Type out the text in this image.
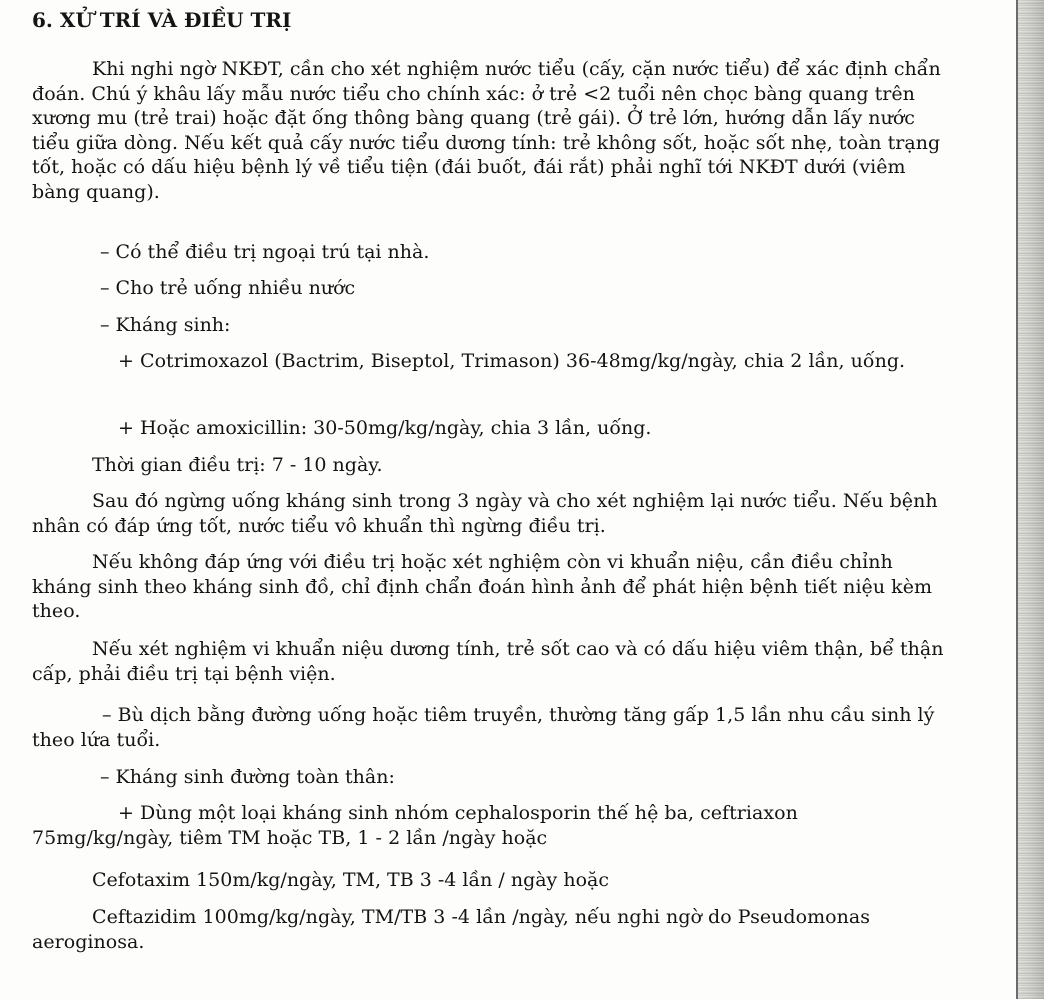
6. XỬ TRÍ VÀ ĐIỀU TRỊ
Khi nghi ngờ NKĐT, cần cho xét nghiệm nước tiểu (cấy, cặn nước tiểu) để xác định chẩn đoán. Chú ý khâu lấy mẫu nước tiểu cho chính xác: ở trẻ <2 tuổi nên chọc bàng quang trên xương mu (trẻ trai) hoặc đặt ống thông bàng quang (trẻ gái). Ở trẻ lớn, hướng dẫn lấy nước tiểu giữa dòng. Nếu kết quả cấy nước tiểu dương tính: trẻ không sốt, hoặc sốt nhẹ, toàn trạng tốt, hoặc có dấu hiệu bệnh lý về tiểu tiện (đái buốt, đái rắt) phải nghĩ tới NKĐT dưới (viêm bàng quang).
– Có thể điều trị ngoại trú tại nhà.
– Cho trẻ uống nhiều nước
– Kháng sinh:
+ Cotrimoxazol (Bactrim, Biseptol, Trimason) 36-48mg/kg/ngày, chia 2 lần, uống.
+ Hoặc amoxicillin: 30-50mg/kg/ngày, chia 3 lần, uống.
Thời gian điều trị: 7 - 10 ngày.
Sau đó ngừng uống kháng sinh trong 3 ngày và cho xét nghiệm lại nước tiểu. Nếu bệnh nhân có đáp ứng tốt, nước tiểu vô khuẩn thì ngừng điều trị.
Nếu không đáp ứng với điều trị hoặc xét nghiệm còn vi khuẩn niệu, cần điều chỉnh kháng sinh theo kháng sinh đồ, chỉ định chẩn đoán hình ảnh để phát hiện bệnh tiết niệu kèm theo.
Nếu xét nghiệm vi khuẩn niệu dương tính, trẻ sốt cao và có dấu hiệu viêm thận, bể thận cấp, phải điều trị tại bệnh viện.
– Bù dịch bằng đường uống hoặc tiêm truyền, thường tăng gấp 1,5 lần nhu cầu sinh lý theo lứa tuổi.
– Kháng sinh đường toàn thân:
+ Dùng một loại kháng sinh nhóm cephalosporin thế hệ ba, ceftriaxon 75mg/kg/ngày, tiêm TM hoặc TB, 1 - 2 lần /ngày hoặc
Cefotaxim 150m/kg/ngày, TM, TB 3 -4 lần / ngày hoặc
Ceftazidim 100mg/kg/ngày, TM/TB 3 -4 lần /ngày, nếu nghi ngờ do Pseudomonas aeroginosa.
